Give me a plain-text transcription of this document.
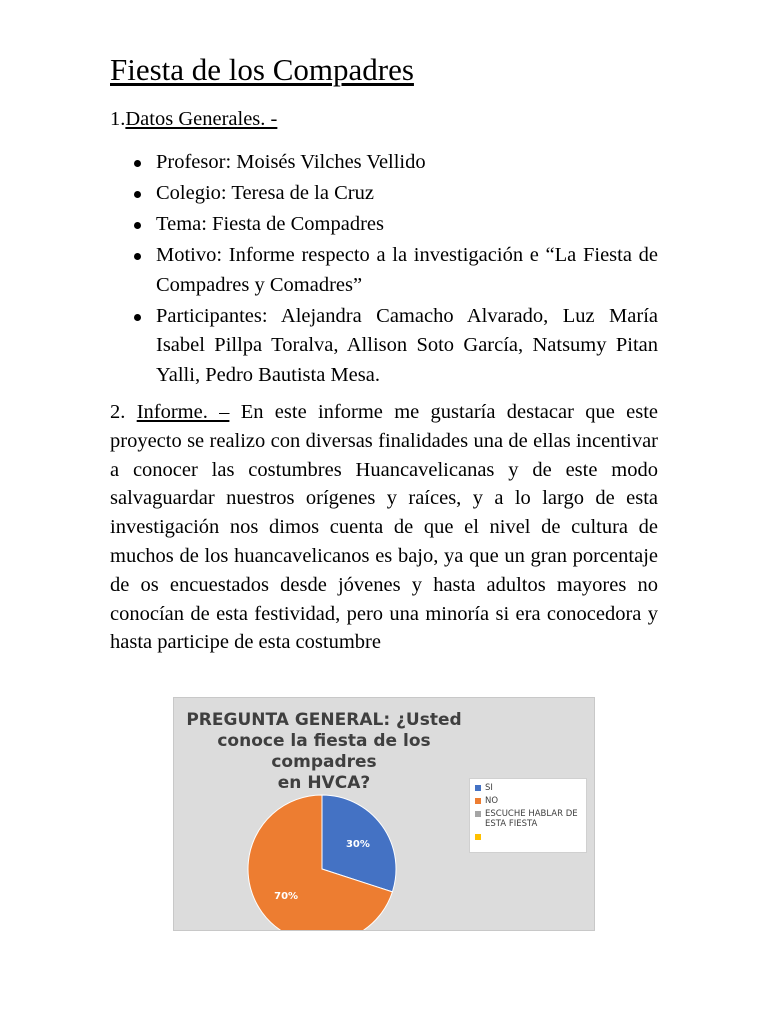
Fiesta de los Compadres
1.Datos Generales. -
Profesor: Moisés Vilches Vellido
Colegio: Teresa de la Cruz
Tema: Fiesta de Compadres
Motivo: Informe respecto a la investigación e “La Fiesta de Compadres y Comadres”
Participantes: Alejandra Camacho Alvarado, Luz María Isabel Pillpa Toralva, Allison Soto García, Natsumy Pitan Yalli, Pedro Bautista Mesa.

2. Informe. – En este informe me gustaría destacar que este proyecto se realizo con diversas finalidades una de ellas incentivar a conocer las costumbres Huancavelicanas y de este modo salvaguardar nuestros orígenes y raíces, y a lo largo de esta investigación nos dimos cuenta de que el nivel de cultura de muchos de los huancavelicanos es bajo, ya que un gran porcentaje de os encuestados desde jóvenes y hasta adultos mayores no conocían de esta festividad, pero una minoría si era conocedora y hasta participe de esta costumbre

PREGUNTA GENERAL: ¿Usted
conoce la fiesta de los compadres
en HVCA?
30%
70%
SI
NO
ESCUCHE HABLAR DE ESTA FIESTA
